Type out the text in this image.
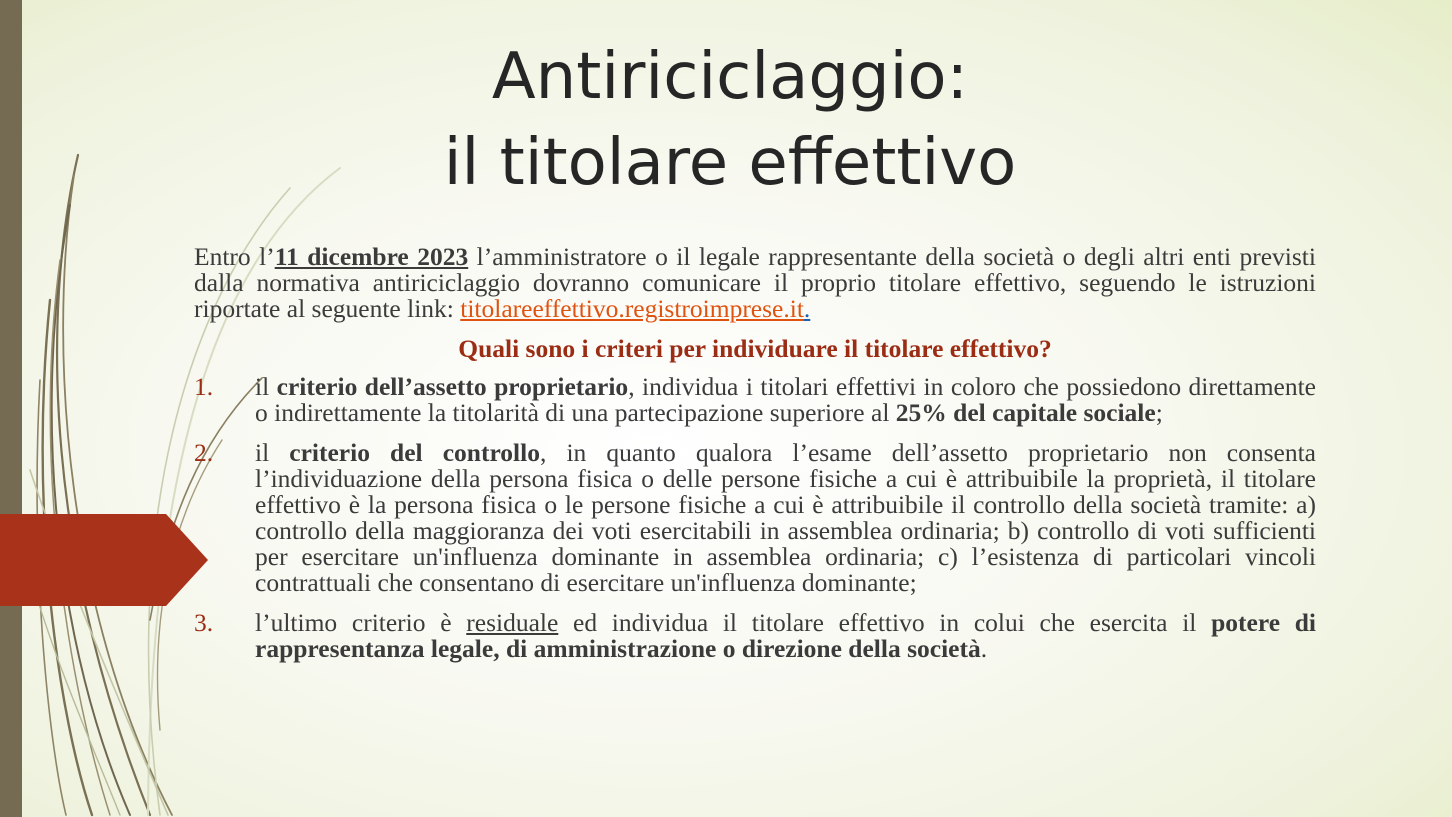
Antiriciclaggio:
il titolare effettivo

Entro l’11 dicembre 2023 l’amministratore o il legale rappresentante della società o degli altri enti previsti dalla normativa antiriciclaggio dovranno comunicare il proprio titolare effettivo, seguendo le istruzioni riportate al seguente link: titolareeffettivo.registroimprese.it.

Quali sono i criteri per individuare il titolare effettivo?

1. il criterio dell’assetto proprietario, individua i titolari effettivi in coloro che possiedono direttamente o indirettamente la titolarità di una partecipazione superiore al 25% del capitale sociale;
2. il criterio del controllo, in quanto qualora l’esame dell’assetto proprietario non consenta l’individuazione della persona fisica o delle persone fisiche a cui è attribuibile la proprietà, il titolare effettivo è la persona fisica o le persone fisiche a cui è attribuibile il controllo della società tramite: a) controllo della maggioranza dei voti esercitabili in assemblea ordinaria; b) controllo di voti sufficienti per esercitare un'influenza dominante in assemblea ordinaria; c) l’esistenza di particolari vincoli contrattuali che consentano di esercitare un'influenza dominante;
3. l’ultimo criterio è residuale ed individua il titolare effettivo in colui che esercita il potere di rappresentanza legale, di amministrazione o direzione della società.
